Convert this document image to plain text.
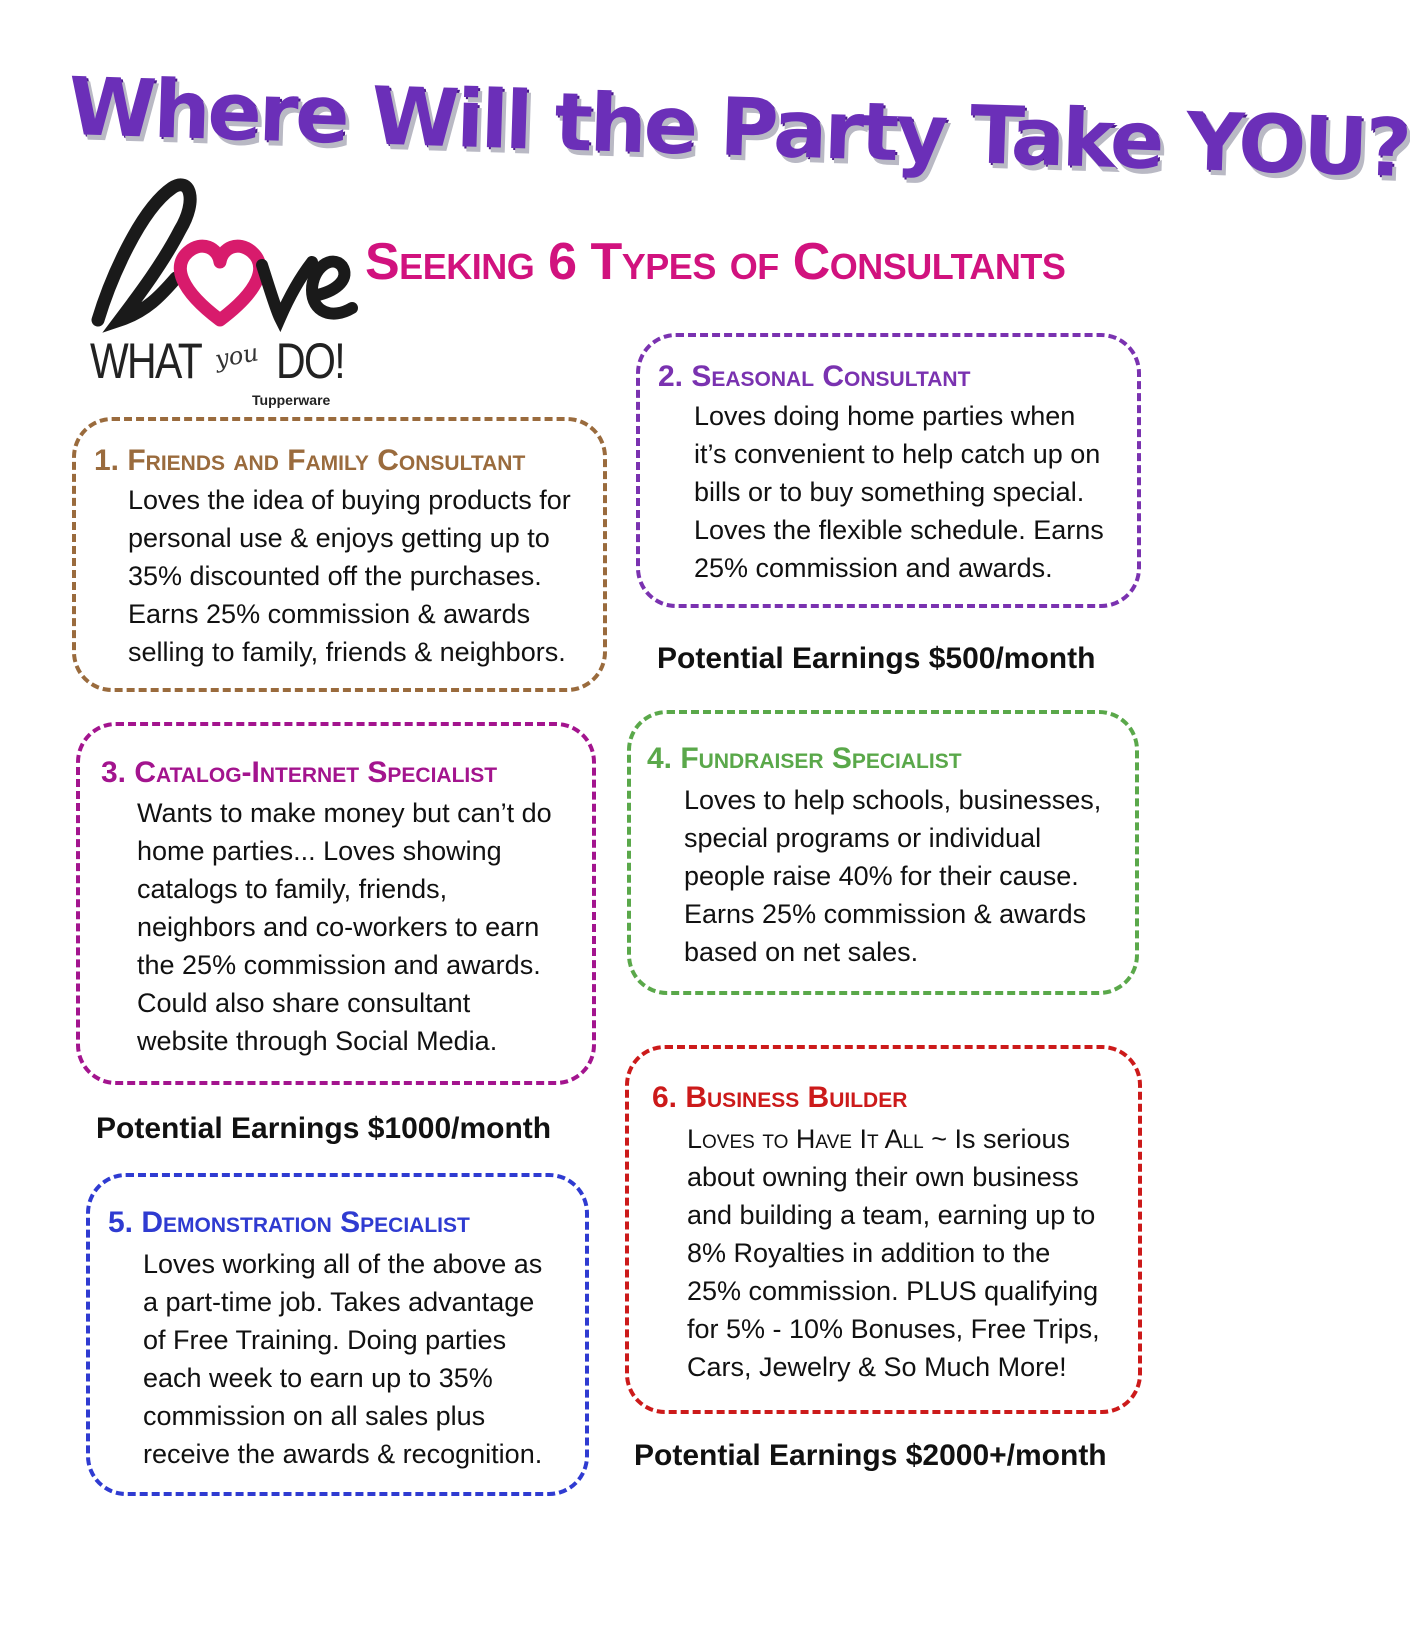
Where Will the Party Take YOU?
WHAT you DO!
Tupperware
Seeking 6 Types of Consultants
1. Friends and Family Consultant
Loves the idea of buying products for
personal use & enjoys getting up to
35% discounted off the purchases.
Earns 25% commission & awards
selling to family, friends & neighbors.
2. Seasonal Consultant
Loves doing home parties when
it’s convenient to help catch up on
bills or to buy something special.
Loves the flexible schedule. Earns
25% commission and awards.
Potential Earnings $500/month
3. Catalog-Internet Specialist
Wants to make money but can’t do
home parties... Loves showing
catalogs to family, friends,
neighbors and co-workers to earn
the 25% commission and awards.
Could also share consultant
website through Social Media.
Potential Earnings $1000/month
4. Fundraiser Specialist
Loves to help schools, businesses,
special programs or individual
people raise 40% for their cause.
Earns 25% commission & awards
based on net sales.
5. Demonstration Specialist
Loves working all of the above as
a part-time job. Takes advantage
of Free Training. Doing parties
each week to earn up to 35%
commission on all sales plus
receive the awards & recognition.
6. Business Builder
Loves to Have It All ~ Is serious
about owning their own business
and building a team, earning up to
8% Royalties in addition to the
25% commission. PLUS qualifying
for 5% - 10% Bonuses, Free Trips,
Cars, Jewelry & So Much More!
Potential Earnings $2000+/month
